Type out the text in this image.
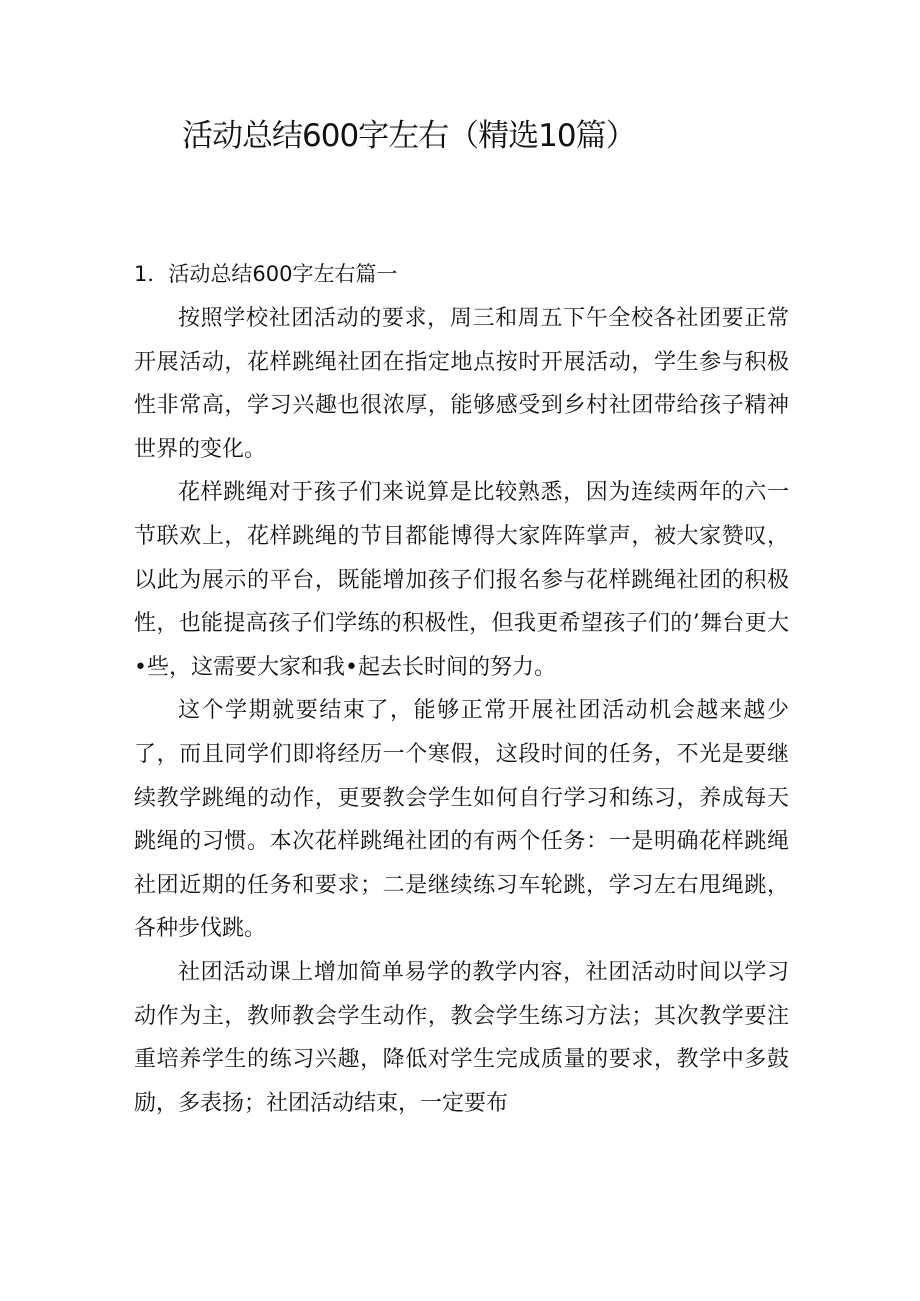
活动总结600字左右（精选10篇）
1．活动总结600字左右篇一

按照学校社团活动的要求，周三和周五下午全校各社团要正常开展活动，花样跳绳社团在指定地点按时开展活动，学生参与积极性非常高，学习兴趣也很浓厚，能够感受到乡村社团带给孩子精神世界的变化。

花样跳绳对于孩子们来说算是比较熟悉，因为连续两年的六一节联欢上，花样跳绳的节目都能博得大家阵阵掌声，被大家赞叹，以此为展示的平台，既能增加孩子们报名参与花样跳绳社团的积极性，也能提高孩子们学练的积极性，但我更希望孩子们的’舞台更大•些，这需要大家和我•起去长时间的努力。

这个学期就要结束了，能够正常开展社团活动机会越来越少了，而且同学们即将经历一个寒假，这段时间的任务，不光是要继续教学跳绳的动作，更要教会学生如何自行学习和练习，养成每天跳绳的习惯。本次花样跳绳社团的有两个任务：一是明确花样跳绳社团近期的任务和要求；二是继续练习车轮跳，学习左右甩绳跳，各种步伐跳。

社团活动课上增加简单易学的教学内容，社团活动时间以学习动作为主，教师教会学生动作，教会学生练习方法；其次教学要注重培养学生的练习兴趣，降低对学生完成质量的要求，教学中多鼓励，多表扬；社团活动结束，一定要布
